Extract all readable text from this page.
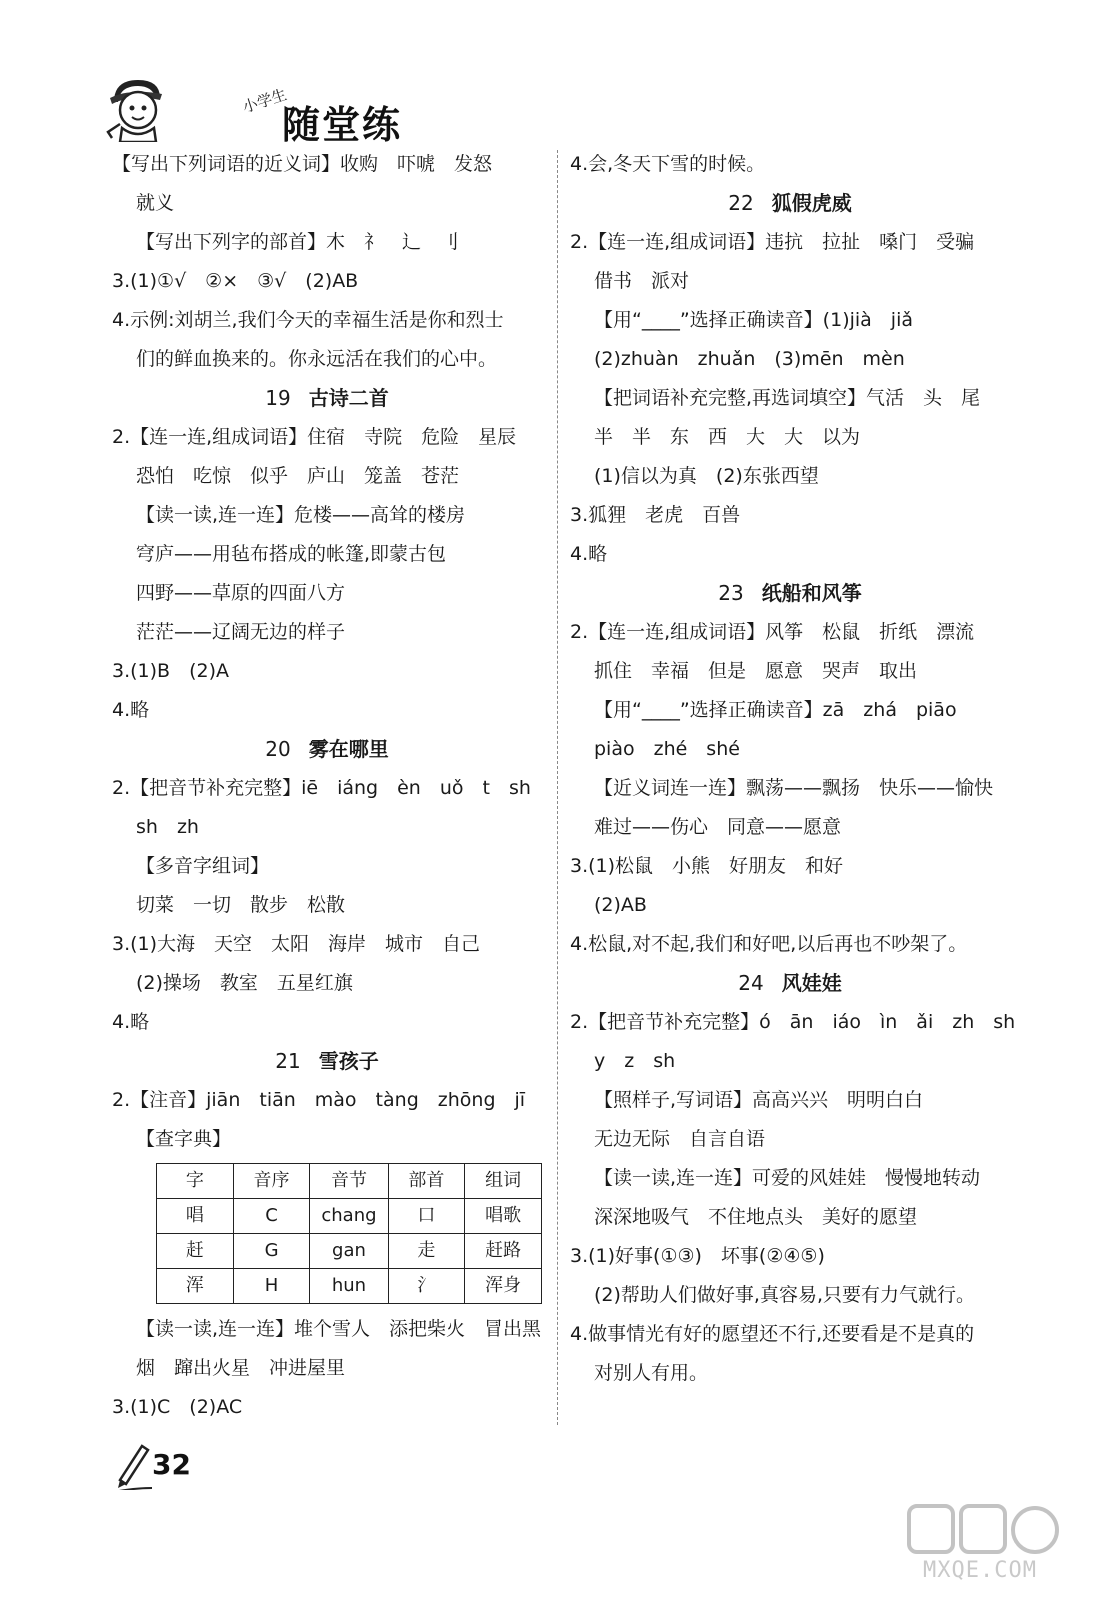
小学生
随堂练
【写出下列词语的近义词】收购　吓唬　发怒
就义
【写出下列字的部首】木　礻　辶　刂
3.(1)①√　②×　③√　(2)AB
4.示例:刘胡兰,我们今天的幸福生活是你和烈士
们的鲜血换来的。你永远活在我们的心中。
19 古诗二首
2.【连一连,组成词语】住宿　寺院　危险　星辰
恐怕　吃惊　似乎　庐山　笼盖　苍茫
【读一读,连一连】危楼——高耸的楼房
穹庐——用毡布搭成的帐篷,即蒙古包
四野——草原的四面八方
茫茫——辽阔无边的样子
3.(1)B　(2)A
4.略
20 雾在哪里
2.【把音节补充完整】iē　iáng　èn　uǒ　t　sh
sh　zh
【多音字组词】
切菜　一切　散步　松散
3.(1)大海　天空　太阳　海岸　城市　自己
(2)操场　教室　五星红旗
4.略
21 雪孩子
2.【注音】jiān　tiān　mào　tàng　zhōng　jī
【查字典】
字	音序	音节	部首	组词
唱	C	chang	口	唱歌
赶	G	gan	走	赶路
浑	H	hun	氵	浑身
【读一读,连一连】堆个雪人　添把柴火　冒出黑
烟　蹿出火星　冲进屋里
3.(1)C　(2)AC
4.会,冬天下雪的时候。
22 狐假虎威
2.【连一连,组成词语】违抗　拉扯　嗓门　受骗
借书　派对
【用“____”选择正确读音】(1)jià　jiǎ
(2)zhuàn　zhuǎn　(3)mēn　mèn
【把词语补充完整,再选词填空】气活　头　尾
半　半　东　西　大　大　以为
(1)信以为真　(2)东张西望
3.狐狸　老虎　百兽
4.略
23 纸船和风筝
2.【连一连,组成词语】风筝　松鼠　折纸　漂流
抓住　幸福　但是　愿意　哭声　取出
【用“____”选择正确读音】zā　zhá　piāo
piào　zhé　shé
【近义词连一连】飘荡——飘扬　快乐——愉快
难过——伤心　同意——愿意
3.(1)松鼠　小熊　好朋友　和好
(2)AB
4.松鼠,对不起,我们和好吧,以后再也不吵架了。
24 风娃娃
2.【把音节补充完整】ó　ān　iáo　ìn　ǎi　zh　sh
y　z　sh
【照样子,写词语】高高兴兴　明明白白
无边无际　自言自语
【读一读,连一连】可爱的风娃娃　慢慢地转动
深深地吸气　不住地点头　美好的愿望
3.(1)好事(①③)　坏事(②④⑤)
(2)帮助人们做好事,真容易,只要有力气就行。
4.做事情光有好的愿望还不行,还要看是不是真的
对别人有用。
32
MXQE.COM
